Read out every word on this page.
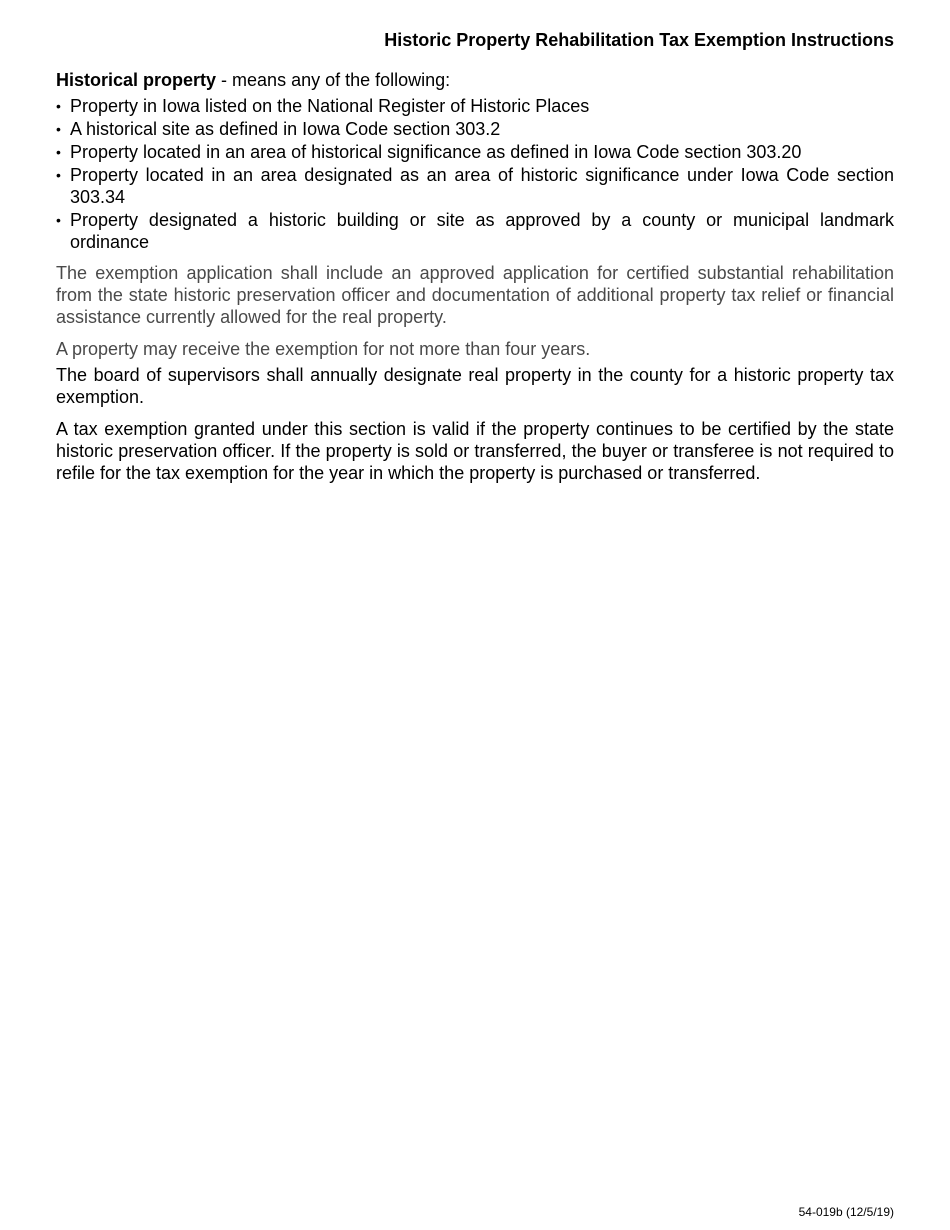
Historic Property Rehabilitation Tax Exemption Instructions

Historical property - means any of the following:

• Property in Iowa listed on the National Register of Historic Places
• A historical site as defined in Iowa Code section 303.2
• Property located in an area of historical significance as defined in Iowa Code section 303.20
• Property located in an area designated as an area of historic significance under Iowa Code section 303.34
• Property designated a historic building or site as approved by a county or municipal landmark ordinance

The exemption application shall include an approved application for certified substantial rehabilitation from the state historic preservation officer and documentation of additional property tax relief or financial assistance currently allowed for the real property.

A property may receive the exemption for not more than four years.

The board of supervisors shall annually designate real property in the county for a historic property tax exemption.

A tax exemption granted under this section is valid if the property continues to be certified by the state historic preservation officer. If the property is sold or transferred, the buyer or transferee is not required to refile for the tax exemption for the year in which the property is purchased or transferred.

54-019b (12/5/19)
